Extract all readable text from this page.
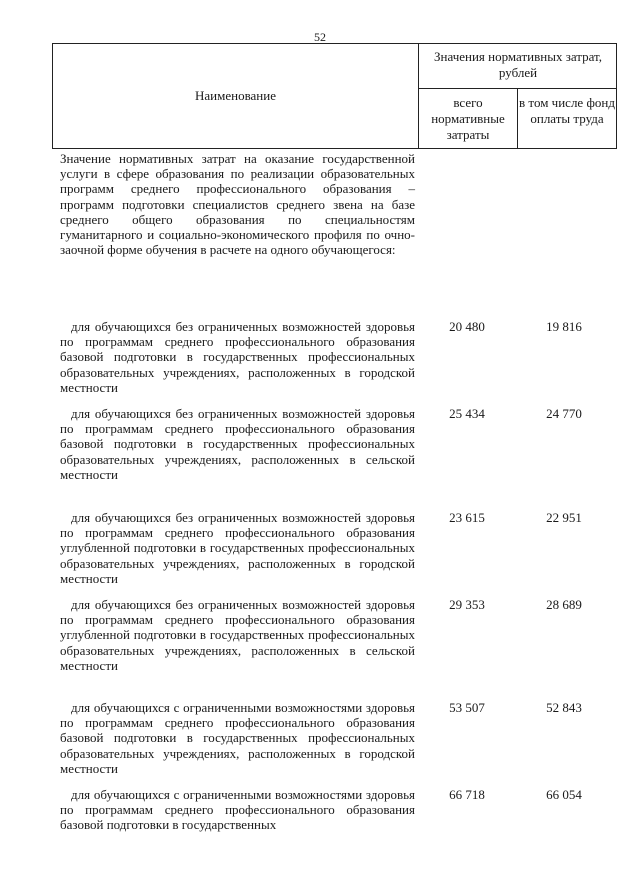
52
Наименование
Значения нормативных затрат, рублей
всего нормативные затраты
в том числе фонд оплаты труда
Значение нормативных затрат на оказание государственной услуги в сфере образования по реализации образовательных программ среднего профессионального образования – программ подготовки специалистов среднего звена на базе среднего общего образования по специальностям гуманитарного и социально-экономического профиля по очно-заочной форме обучения в расчете на одного обучающегося:
для обучающихся без ограниченных возможностей здоровья по программам среднего профессионального образования базовой подготовки в государственных профессиональных образовательных учреждениях, расположенных в городской местности
20 480	19 816
для обучающихся без ограниченных возможностей здоровья по программам среднего профессионального образования базовой подготовки в государственных профессиональных образовательных учреждениях, расположенных в сельской местности
25 434	24 770
для обучающихся без ограниченных возможностей здоровья по программам среднего профессионального образования углубленной подготовки в государственных профессиональных образовательных учреждениях, расположенных в городской местности
23 615	22 951
для обучающихся без ограниченных возможностей здоровья по программам среднего профессионального образования углубленной подготовки в государственных профессиональных образовательных учреждениях, расположенных в сельской местности
29 353	28 689
для обучающихся с ограниченными возможностями здоровья по программам среднего профессионального образования базовой подготовки в государственных профессиональных образовательных учреждениях, расположенных в городской местности
53 507	52 843
для обучающихся с ограниченными возможностями здоровья по программам среднего профессионального образования базовой подготовки в государственных
66 718	66 054
